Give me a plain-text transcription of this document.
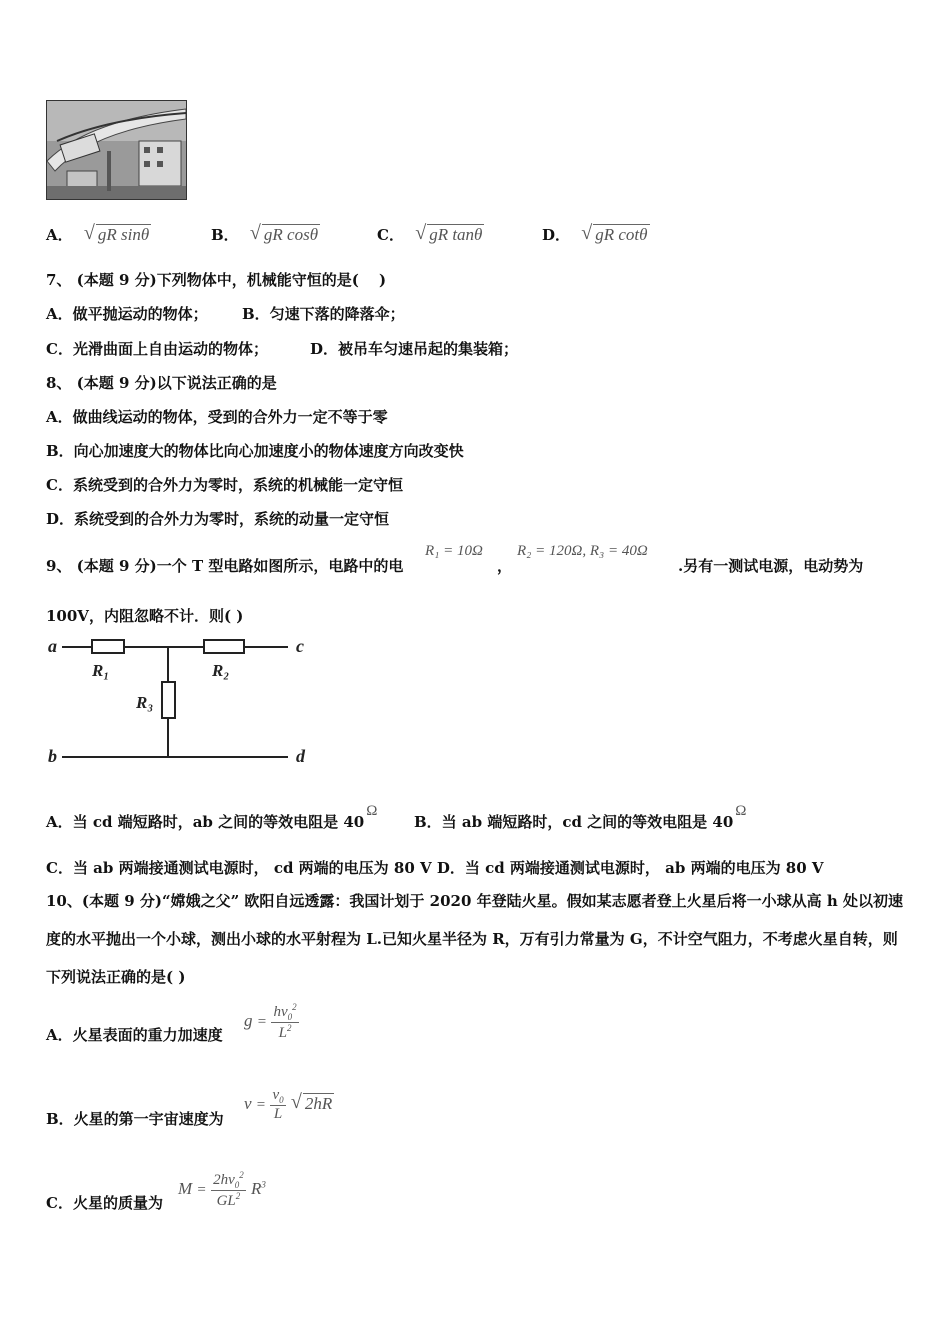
A． √ gR sinθ	B． √ gR cosθ	C． √ gR tanθ	D． √ gR cotθ
7、 (本题 9 分)下列物体中，机械能守恒的是(　 )
A．做平抛运动的物体； B．匀速下落的降落伞；
C．光滑曲面上自由运动的物体；	D．被吊车匀速吊起的集装箱；
8、 (本题 9 分)以下说法正确的是
A．做曲线运动的物体，受到的合外力一定不等于零
B．向心加速度大的物体比向心加速度小的物体速度方向改变快
C．系统受到的合外力为零时，系统的机械能一定守恒
D．系统受到的合外力为零时，系统的动量一定守恒
9、 (本题 9 分)一个 T 型电路如图所示，电路中的电
R₁ = 10Ω
，
R₂ = 120Ω, R₃ = 40Ω
.另有一测试电源，电动势为
100V，内阻忽略不计．则( )
a	c
b	d
R₁	R₂
R₃
A．当 cd 端短路时，ab 之间的等效电阻是 40Ω
B．当 ab 端短路时，cd 之间的等效电阻是 40Ω
C．当 ab 两端接通测试电源时， cd 两端的电压为 80 V D．当 cd 两端接通测试电源时， ab 两端的电压为 80 V
10、(本题 9 分)“嫦娥之父” 欧阳自远透露：我国计划于 2020 年登陆火星。假如某志愿者登上火星后将一小球从高 h 处以初速度的水平抛出一个小球，测出小球的水平射程为 L.已知火星半径为 R，万有引力常量为 G，不计空气阻力，不考虑火星自转，则下列说法正确的是( )
A．火星表面的重力加速度
$g = \frac{hv_0^2}{L^2}$
B．火星的第一宇宙速度为
$v = \frac{v_0}{L}$
√ 2hR
C．火星的质量为
$M = \frac{2hv_0^2}{GL^2} R^3$
